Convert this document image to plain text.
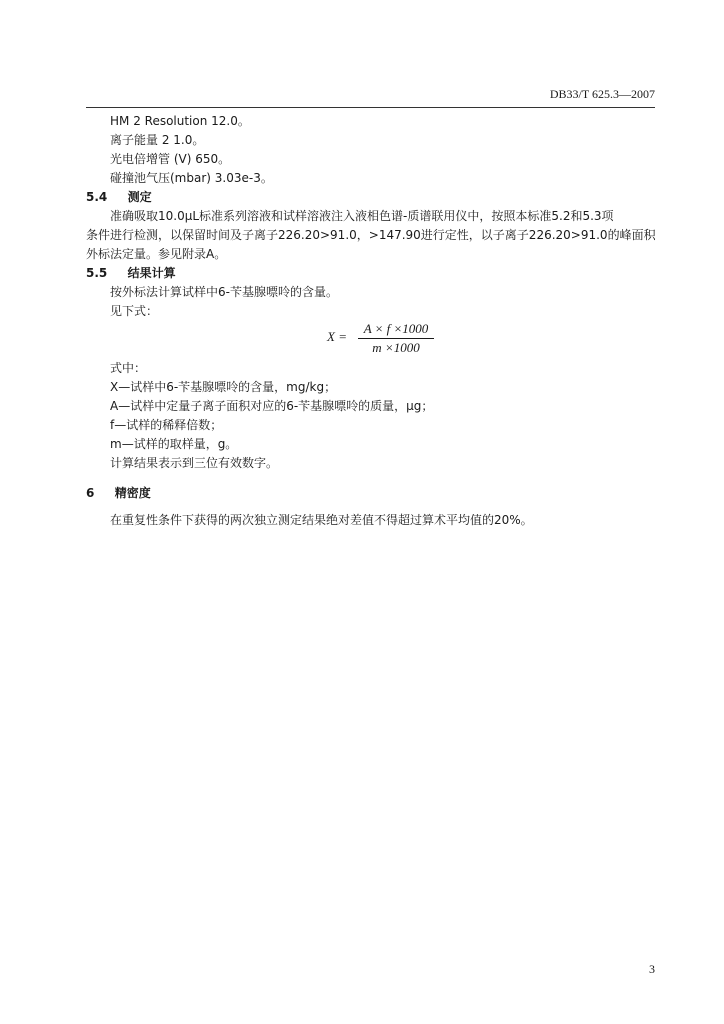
DB33/T 625.3—2007
HM 2 Resolution 12.0。
离子能量 2 1.0。
光电倍增管 (V) 650。
碰撞池气压(mbar) 3.03e-3。
5.4 测定
准确吸取10.0μL标准系列溶液和试样溶液注入液相色谱-质谱联用仪中，按照本标准5.2和5.3项
条件进行检测，以保留时间及子离子226.20>91.0，>147.90进行定性，以子离子226.20>91.0的峰面积
外标法定量。参见附录A。
5.5 结果计算
按外标法计算试样中6-苄基腺嘌呤的含量。
见下式：
X =
A × f ×1000
m ×1000
式中：
X—试样中6-苄基腺嘌呤的含量，mg/kg；
A—试样中定量子离子面积对应的6-苄基腺嘌呤的质量，μg；
f—试样的稀释倍数；
m—试样的取样量，g。
计算结果表示到三位有效数字。
6 精密度
在重复性条件下获得的两次独立测定结果绝对差值不得超过算术平均值的20%。
3
